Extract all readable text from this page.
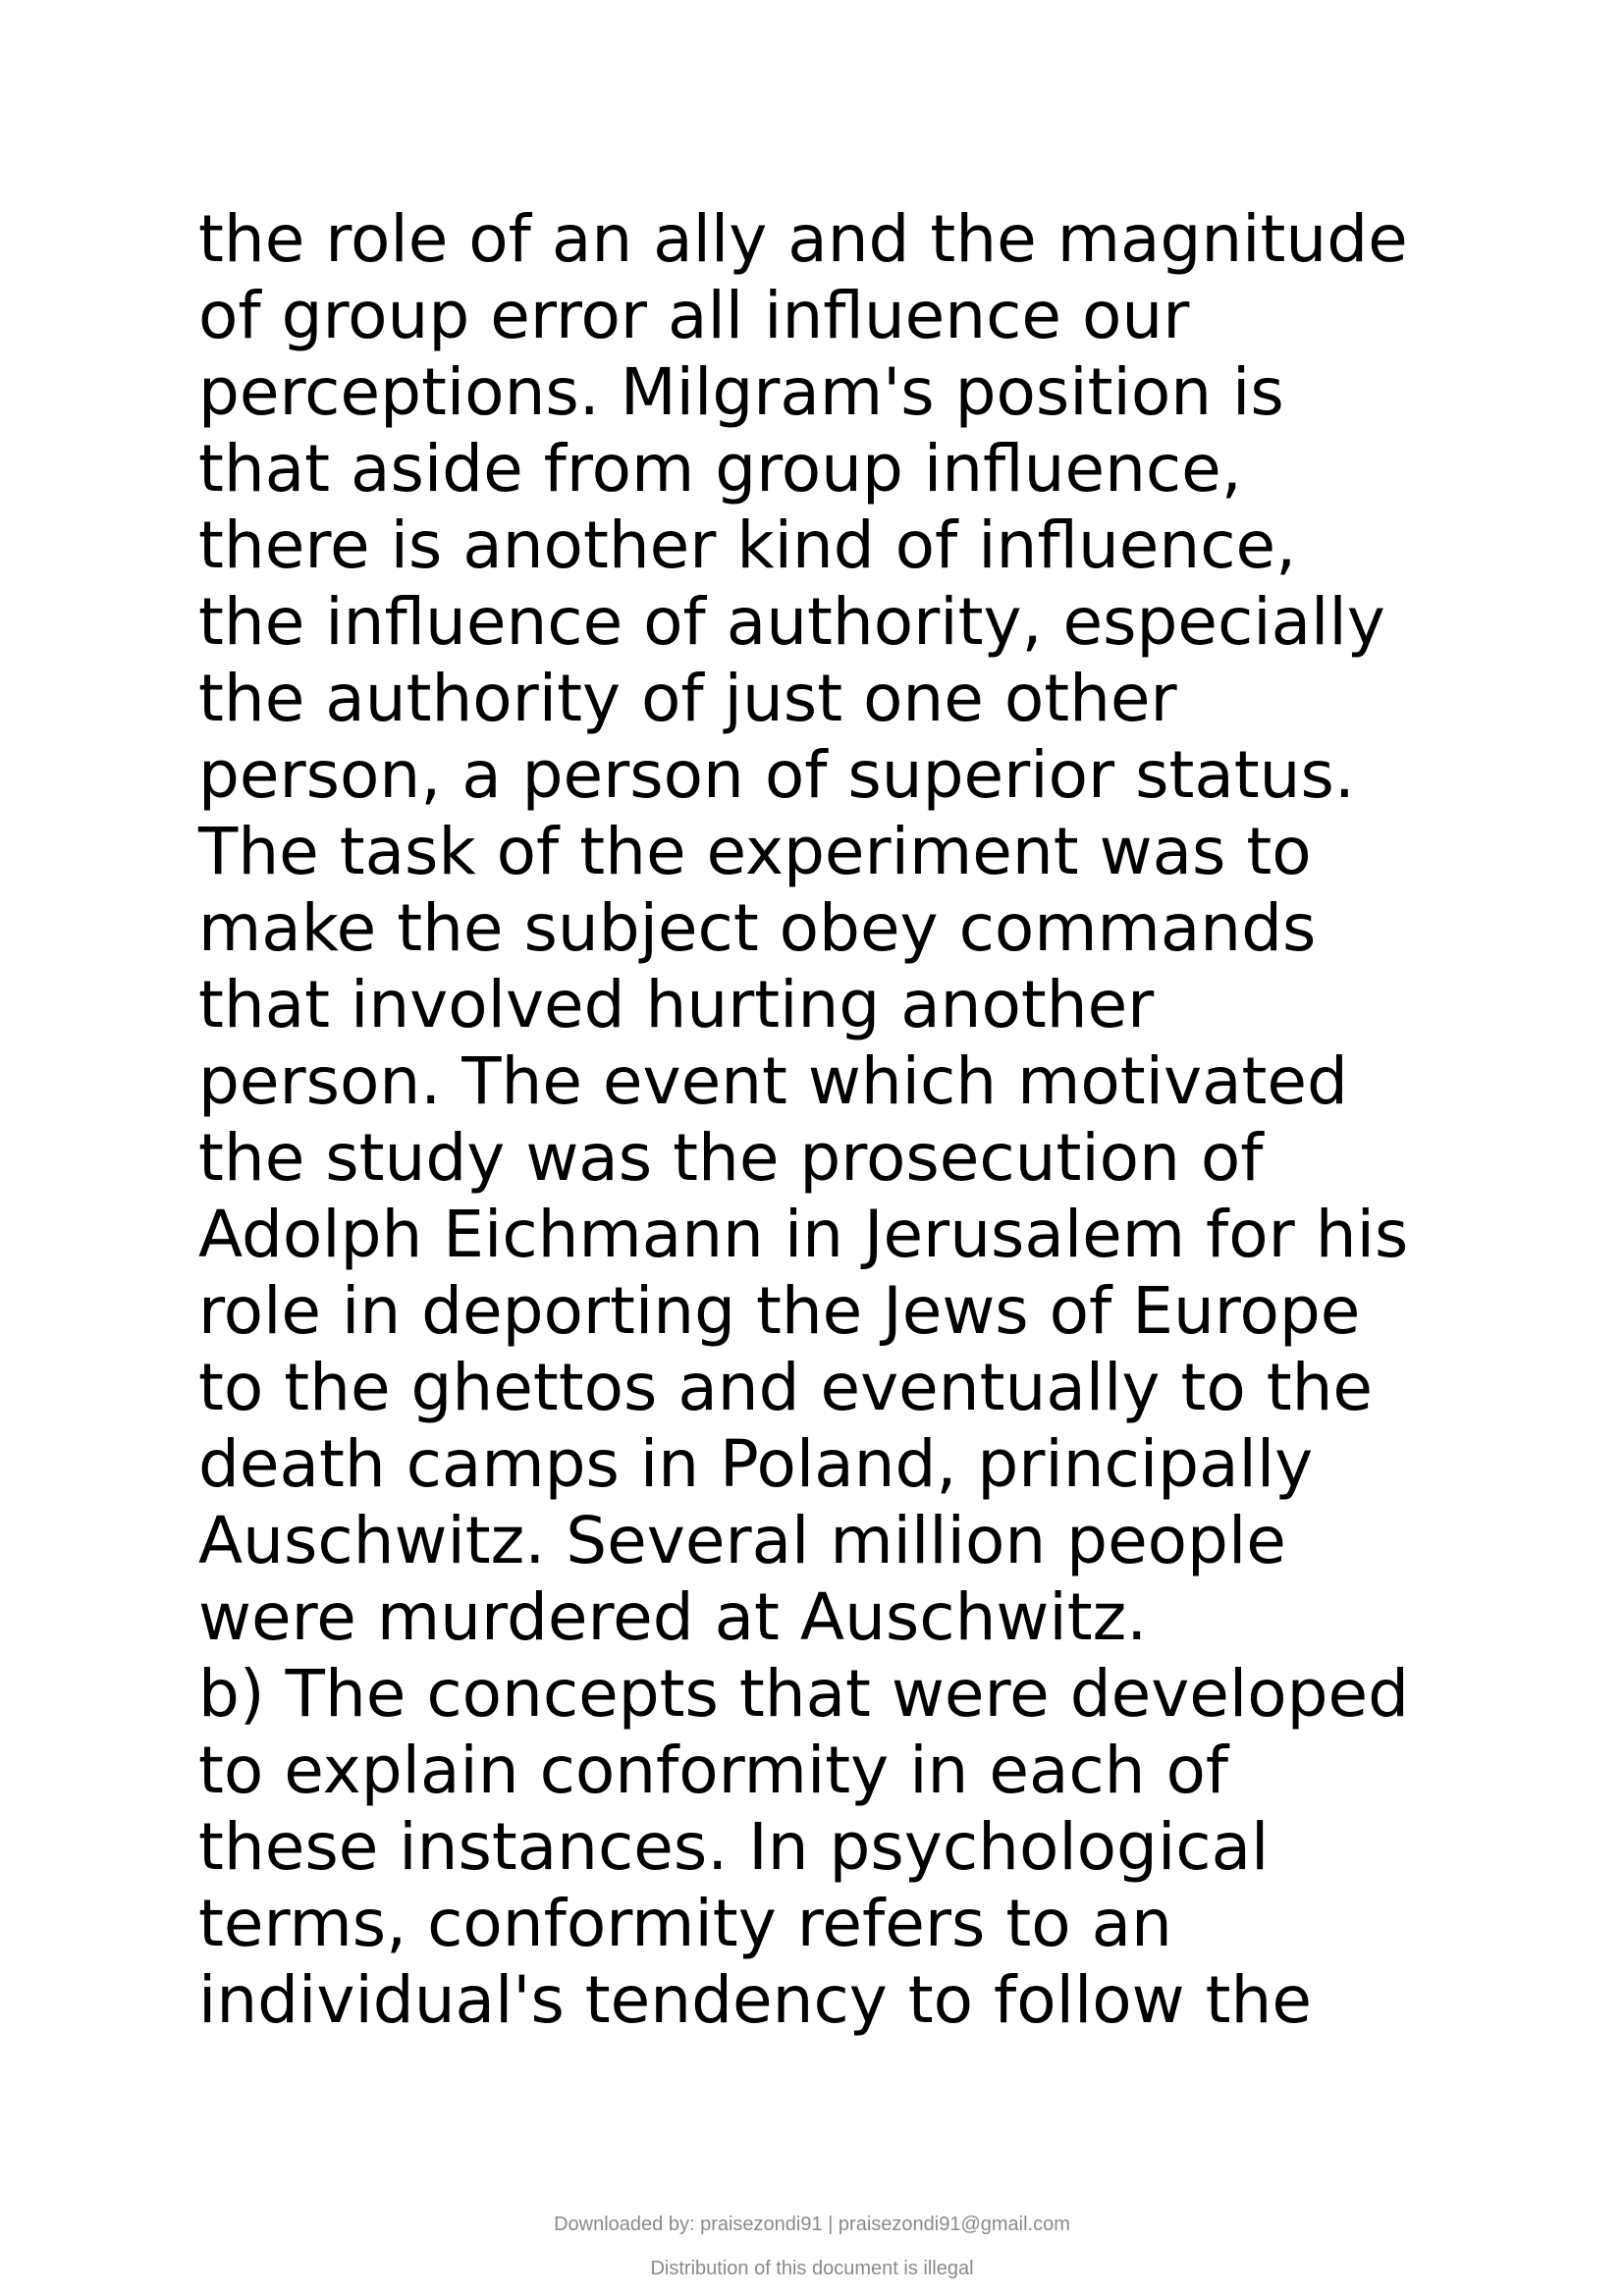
the role of an ally and the magnitude
of group error all influence our
perceptions. Milgram's position is
that aside from group influence,
there is another kind of influence,
the influence of authority, especially
the authority of just one other
person, a person of superior status.
The task of the experiment was to
make the subject obey commands
that involved hurting another
person. The event which motivated
the study was the prosecution of
Adolph Eichmann in Jerusalem for his
role in deporting the Jews of Europe
to the ghettos and eventually to the
death camps in Poland, principally
Auschwitz. Several million people
were murdered at Auschwitz.
b) The concepts that were developed
to explain conformity in each of
these instances. In psychological
terms, conformity refers to an
individual's tendency to follow the
Downloaded by: praisezondi91 | praisezondi91@gmail.com
Distribution of this document is illegal
